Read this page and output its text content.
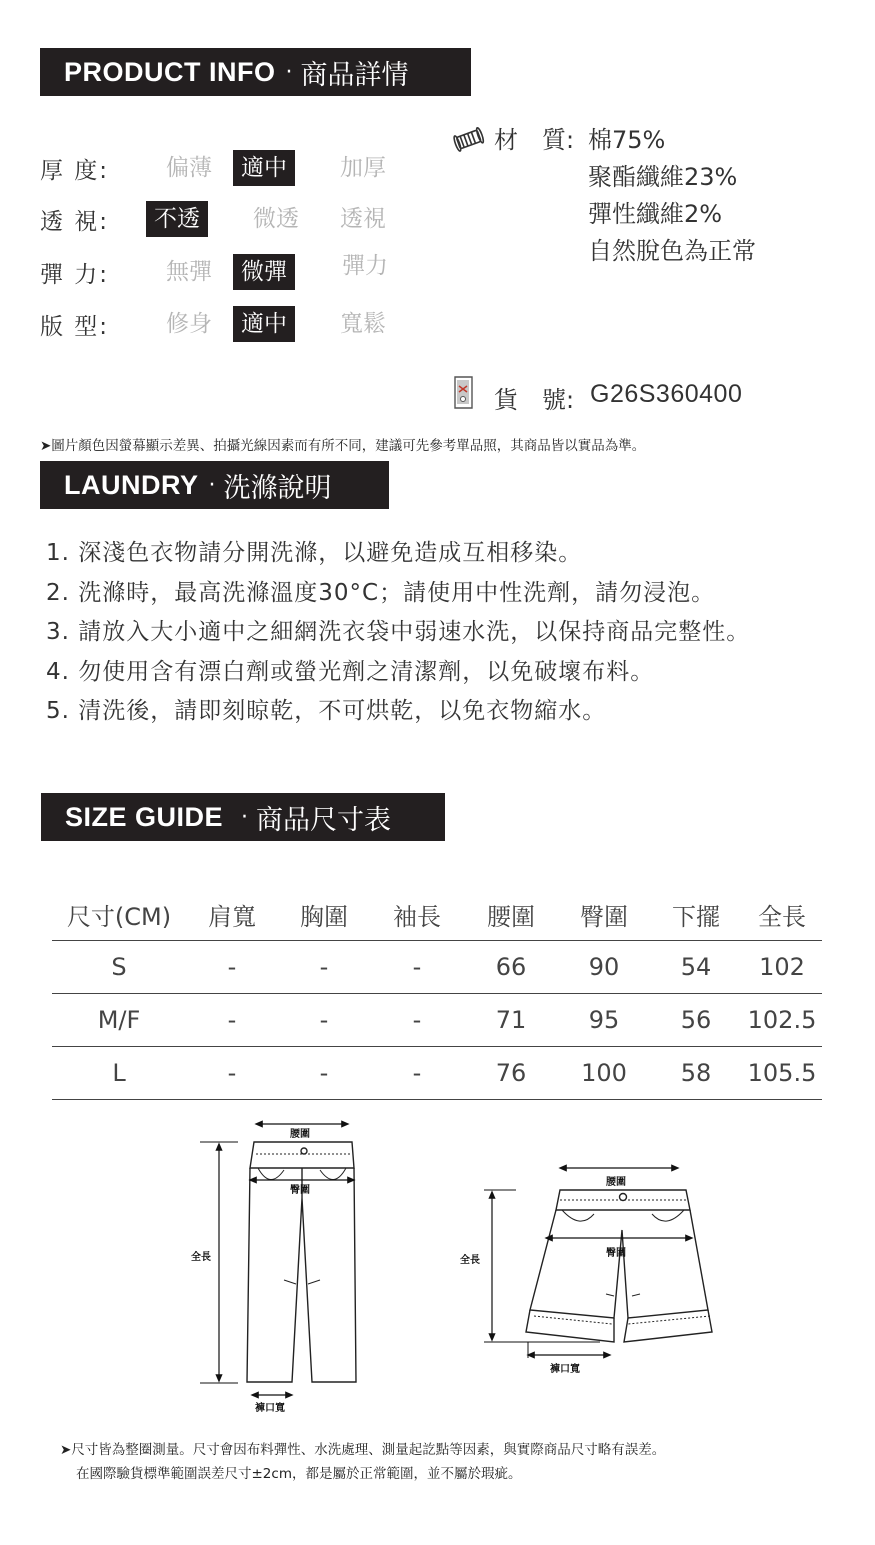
PRODUCT INFO · 商品詳情
厚 度:	偏薄	適中	加厚
透 視:	不透	微透	透視
彈 力:	無彈	微彈	彈力
版 型:	修身	適中	寬鬆
材　質: 棉75%
聚酯纖維23%
彈性纖維2%
自然脫色為正常
貨　號: G26S360400
➤圖片顏色因螢幕顯示差異、拍攝光線因素而有所不同，建議可先參考單品照，其商品皆以實品為準。
LAUNDRY · 洗滌說明
1. 深淺色衣物請分開洗滌，以避免造成互相移染。
2. 洗滌時，最高洗滌溫度30°C；請使用中性洗劑，請勿浸泡。
3. 請放入大小適中之細網洗衣袋中弱速水洗，以保持商品完整性。
4. 勿使用含有漂白劑或螢光劑之清潔劑，以免破壞布料。
5. 清洗後，請即刻晾乾，不可烘乾，以免衣物縮水。
SIZE GUIDE · 商品尺寸表
尺寸(CM)	肩寬	胸圍	袖長	腰圍	臀圍	下擺	全長
S	-	-	-	66	90	54	102
M/F	-	-	-	71	95	56	102.5
L	-	-	-	76	100	58	105.5
腰圍
臀圍
全長
褲口寬
腰圍
臀圍
全長
褲口寬
➤尺寸皆為整圈測量。尺寸會因布料彈性、水洗處理、測量起訖點等因素，與實際商品尺寸略有誤差。
在國際驗貨標準範圍誤差尺寸±2cm，都是屬於正常範圍，並不屬於瑕疵。
